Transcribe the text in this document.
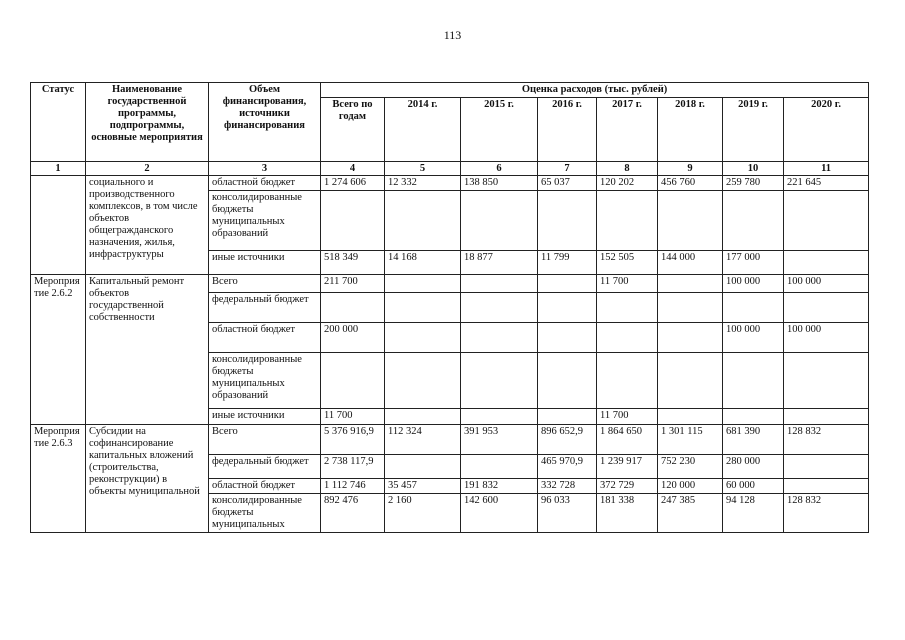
113
Статус	Наименование государственной программы, подпрограммы, основные мероприятия	Объем финансирования, источники финансирования	Оценка расходов (тыс. рублей)							
			Всего по годам	2014 г.	2015 г.	2016 г.	2017 г.	2018 г.	2019 г.	2020 г.
1	2	3	4	5	6	7	8	9	10	11
	социального и производственного комплексов, в том числе объектов общегражданского назначения, жилья, инфраструктуры	областной бюджет	1 274 606	12 332	138 850	65 037	120 202	456 760	259 780	221 645
		консолидированные бюджеты муниципальных образований								
		иные источники	518 349	14 168	18 877	11 799	152 505	144 000	177 000	
Мероприятие 2.6.2	Капитальный ремонт объектов государственной собственности	Всего	211 700				11 700		100 000	100 000
		федеральный бюджет								
		областной бюджет	200 000						100 000	100 000
		консолидированные бюджеты муниципальных образований								
		иные источники	11 700				11 700			
Мероприятие 2.6.3	Субсидии на софинансирование капитальных вложений (строительства, реконструкции) в объекты муниципальной	Всего	5 376 916,9	112 324	391 953	896 652,9	1 864 650	1 301 115	681 390	128 832
		федеральный бюджет	2 738 117,9			465 970,9	1 239 917	752 230	280 000	
		областной бюджет	1 112 746	35 457	191 832	332 728	372 729	120 000	60 000	
		консолидированные бюджеты муниципальных	892 476	2 160	142 600	96 033	181 338	247 385	94 128	128 832
